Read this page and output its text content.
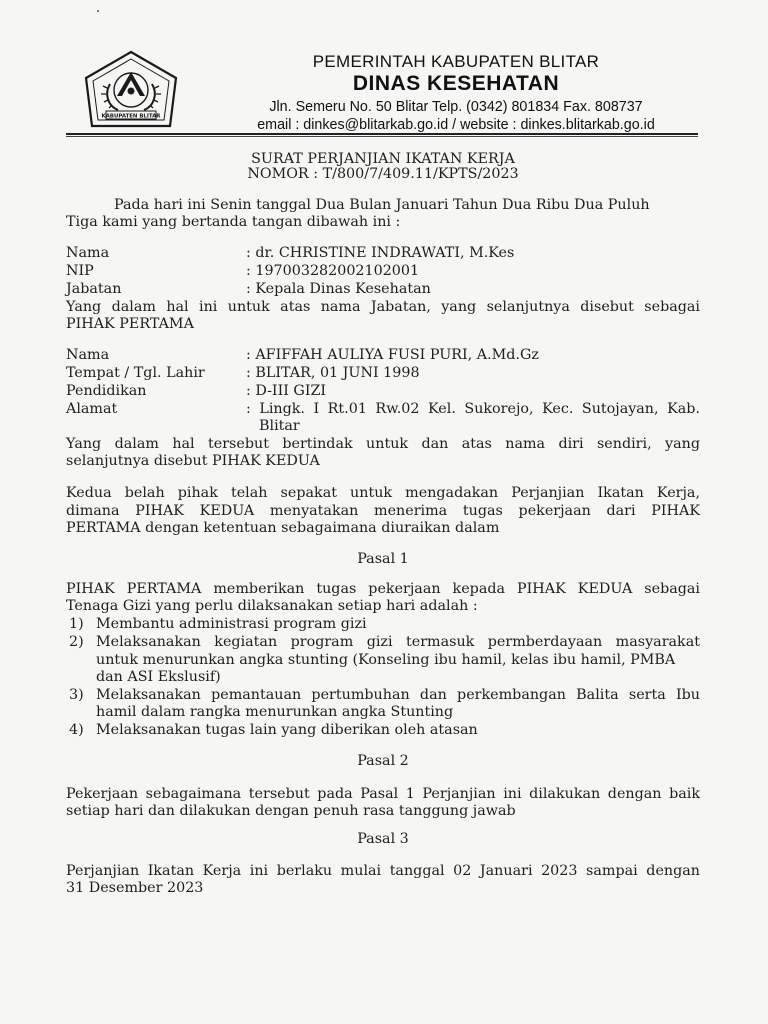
KABUPATEN BLITAR
PEMERINTAH KABUPATEN BLITAR
DINAS KESEHATAN
Jln. Semeru No. 50 Blitar Telp. (0342) 801834 Fax. 808737
email : dinkes@blitarkab.go.id / website : dinkes.blitarkab.go.id
SURAT PERJANJIAN IKATAN KERJA
NOMOR : T/800/7/409.11/KPTS/2023
Pada hari ini Senin tanggal Dua Bulan Januari Tahun Dua Ribu Dua Puluh
Tiga kami yang bertanda tangan dibawah ini :
Nama	: dr. CHRISTINE INDRAWATI, M.Kes
NIP	: 197003282002102001
Jabatan	: Kepala Dinas Kesehatan
Yang dalam hal ini untuk atas nama Jabatan, yang selanjutnya disebut sebagai
PIHAK PERTAMA
Nama	: AFIFFAH AULIYA FUSI PURI, A.Md.Gz
Tempat / Tgl. Lahir	: BLITAR, 01 JUNI 1998
Pendidikan	: D-III GIZI
Alamat	: Lingk. I Rt.01 Rw.02 Kel. Sukorejo, Kec. Sutojayan, Kab.
Blitar
Yang dalam hal tersebut bertindak untuk dan atas nama diri sendiri, yang
selanjutnya disebut PIHAK KEDUA
Kedua belah pihak telah sepakat untuk mengadakan Perjanjian Ikatan Kerja,
dimana PIHAK KEDUA menyatakan menerima tugas pekerjaan dari PIHAK
PERTAMA dengan ketentuan sebagaimana diuraikan dalam
Pasal 1
PIHAK PERTAMA memberikan tugas pekerjaan kepada PIHAK KEDUA sebagai
Tenaga Gizi yang perlu dilaksanakan setiap hari adalah :
1) Membantu administrasi program gizi
2) Melaksanakan kegiatan program gizi termasuk permberdayaan masyarakat
untuk menurunkan angka stunting (Konseling ibu hamil, kelas ibu hamil, PMBA
dan ASI Ekslusif)
3) Melaksanakan pemantauan pertumbuhan dan perkembangan Balita serta Ibu
hamil dalam rangka menurunkan angka Stunting
4) Melaksanakan tugas lain yang diberikan oleh atasan
Pasal 2
Pekerjaan sebagaimana tersebut pada Pasal 1 Perjanjian ini dilakukan dengan baik
setiap hari dan dilakukan dengan penuh rasa tanggung jawab
Pasal 3
Perjanjian Ikatan Kerja ini berlaku mulai tanggal 02 Januari 2023 sampai dengan
31 Desember 2023
